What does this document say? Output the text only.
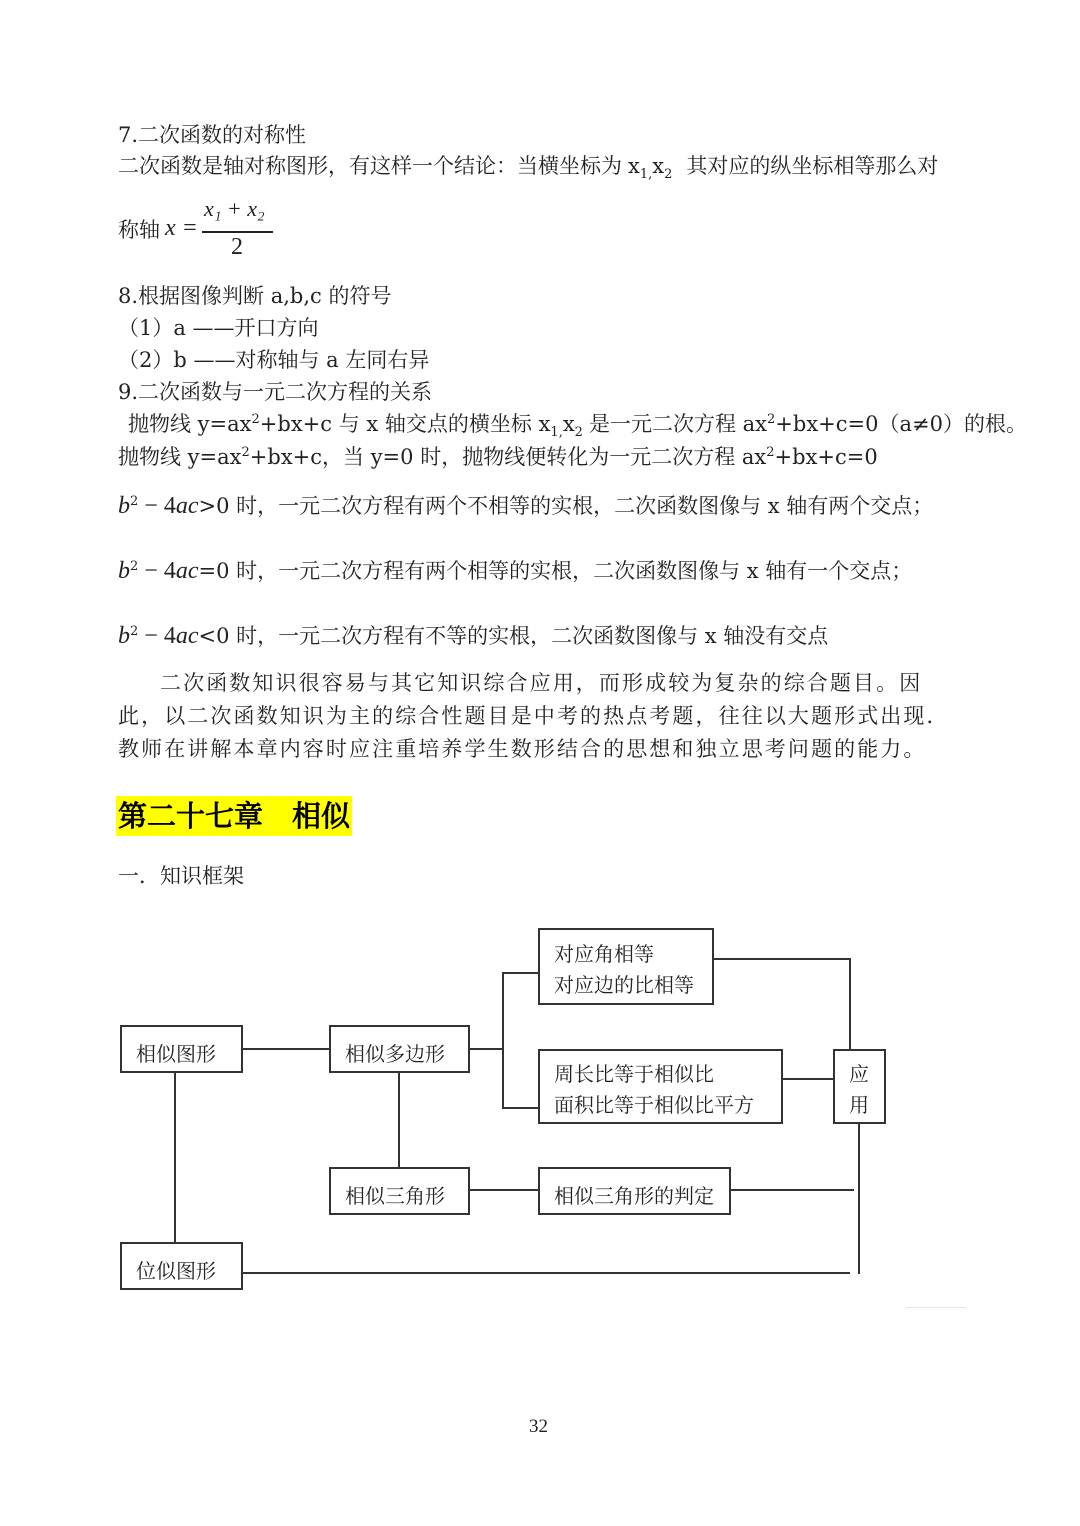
7.二次函数的对称性
二次函数是轴对称图形，有这样一个结论：当横坐标为 $x_{1,}x_2$ 其对应的纵坐标相等那么对
称轴 x =
x₁ + x₂
2
8.根据图像判断 a,b,c 的符号
（1）a ——开口方向
（2）b ——对称轴与 a 左同右异
9.二次函数与一元二次方程的关系
抛物线 $y=ax^2+bx+c$ 与 x 轴交点的横坐标 $x_{1,}x_2$ 是一元二次方程 $ax^2+bx+c=0(a\ne 0)$的根。
抛物线 $y=ax^2+bx+c$，当 y=0 时，抛物线便转化为一元二次方程 $ax^2+bx+c=0$
$b^2 - 4ac>0$ 时，一元二次方程有两个不相等的实根，二次函数图像与 x 轴有两个交点；
$b^2 - 4ac=0$ 时，一元二次方程有两个相等的实根，二次函数图像与 x 轴有一个交点；
$b^2 - 4ac<0$ 时，一元二次方程有不等的实根，二次函数图像与 x 轴没有交点
二次函数知识很容易与其它知识综合应用，而形成较为复杂的综合题目。因此，以二次函数知识为主的综合性题目是中考的热点考题，往往以大题形式出现．教师在讲解本章内容时应注重培养学生数形结合的思想和独立思考问题的能力。
第二十七章　相似
一．知识框架
相似图形	相似多边形
对应角相等
对应边的比相等
周长比等于相似比
面积比等于相似比平方
应
用
相似三角形	相似三角形的判定
位似图形
32
